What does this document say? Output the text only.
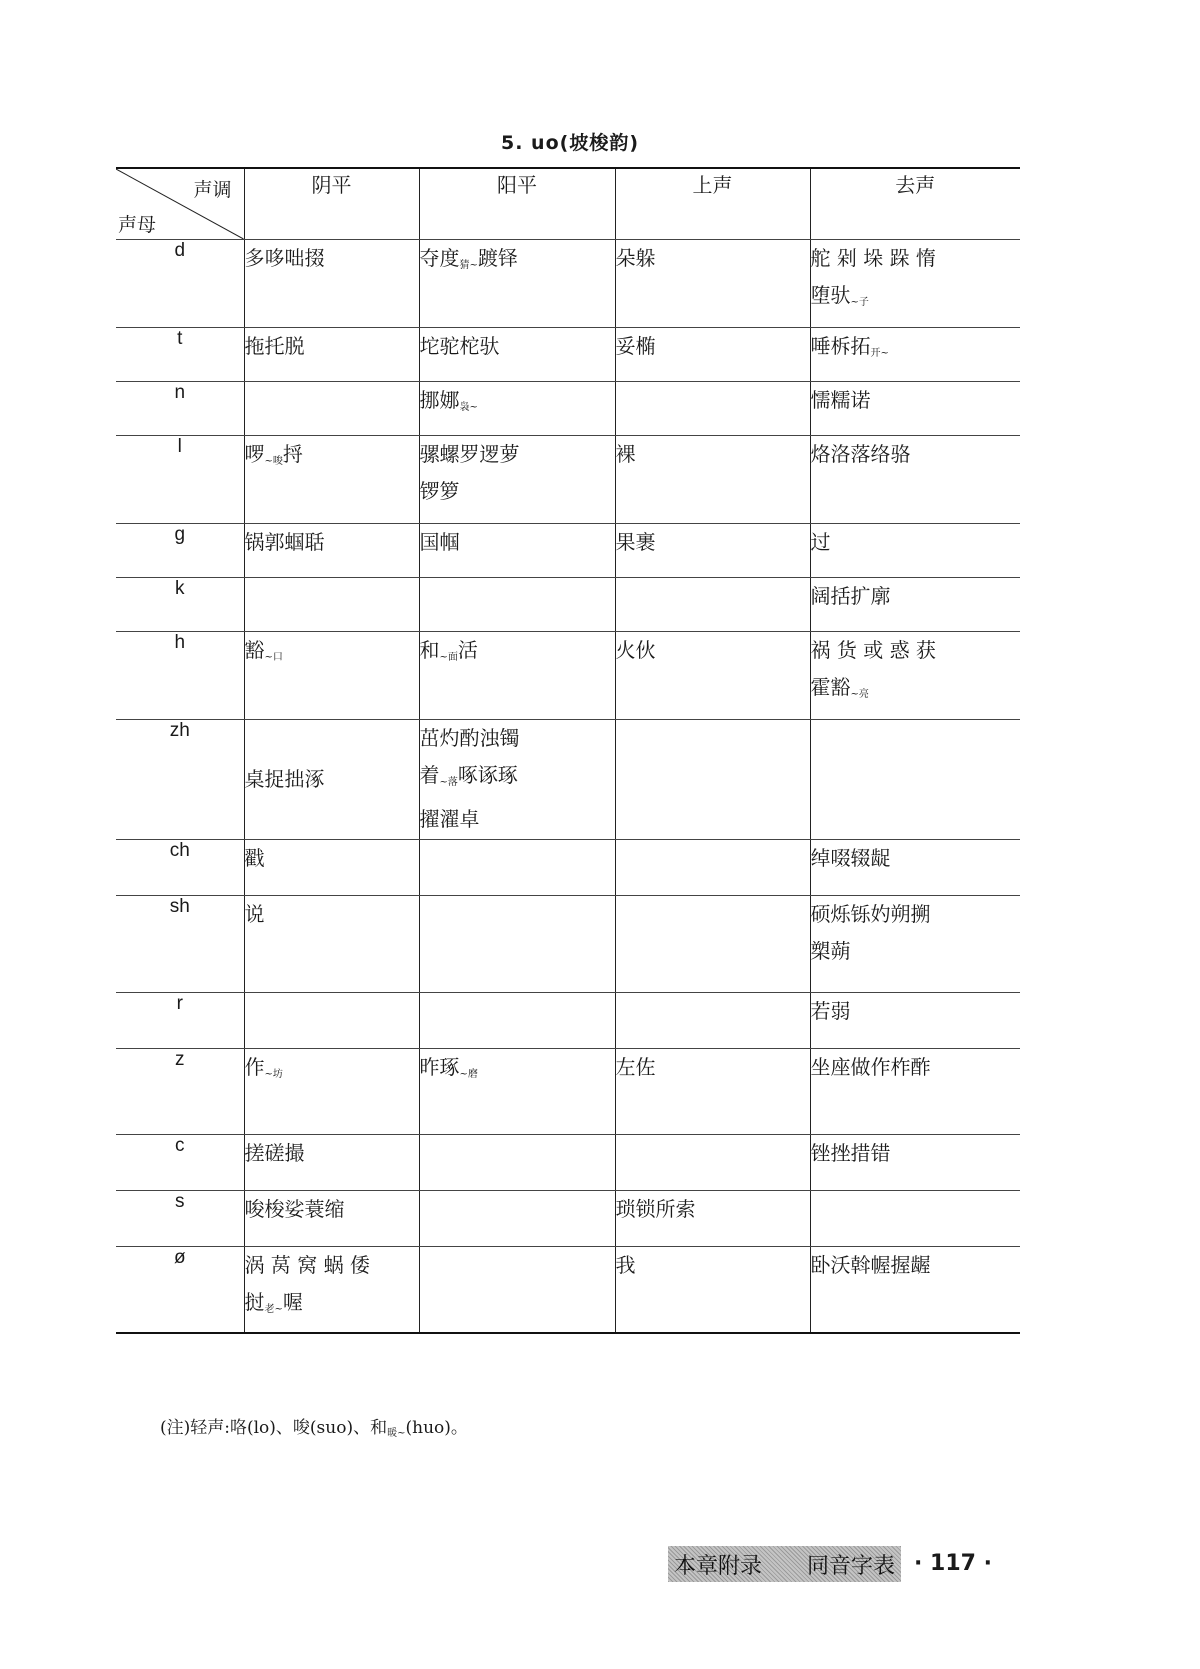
5. uo(坡梭韵)
声调
声母	阴平	阳平	上声	去声
d	多哆咄掇	夺度$_{猜\sim}$踱铎	朵躲	舵 剁 垛 跺 惰
堕驮$_{\sim 子}$

t	拖托脱	坨驼柁驮	妥椭	唾柝拓$_{开\sim}$

n		挪娜$_{袅\sim}$		懦糯诺

l	啰$_{\sim 唆}$捋	骡螺罗逻萝
锣箩	裸	烙洛落络骆

g	锅郭蝈聒	国帼	果裹	过

k				阔括扩廓

h	豁$_{\sim 口}$	和$_{\sim 面}$活	火伙	祸 货 或 惑 获
霍豁$_{\sim 亮}$

zh	桌捉拙涿	茁灼酌浊镯
着$_{\sim 落}$啄诼琢
擢濯卓		

ch	戳			绰啜辍龊

sh	说			硕烁铄妁朔搠
槊蒴

r				若弱

z	作$_{\sim 坊}$	昨琢$_{\sim 磨}$	左佐	坐座做作柞酢

c	搓磋撮			锉挫措错

s	唆梭娑蓑缩		琐锁所索	

ø	涡 莴 窝 蜗 倭
挝$_{老\sim}$喔		我	卧沃斡幄握龌
(注)轻声:咯(lo)、唆(suo)、和$_{暖\sim}$(huo)。
本章附录 同音字表 · 117 ·
